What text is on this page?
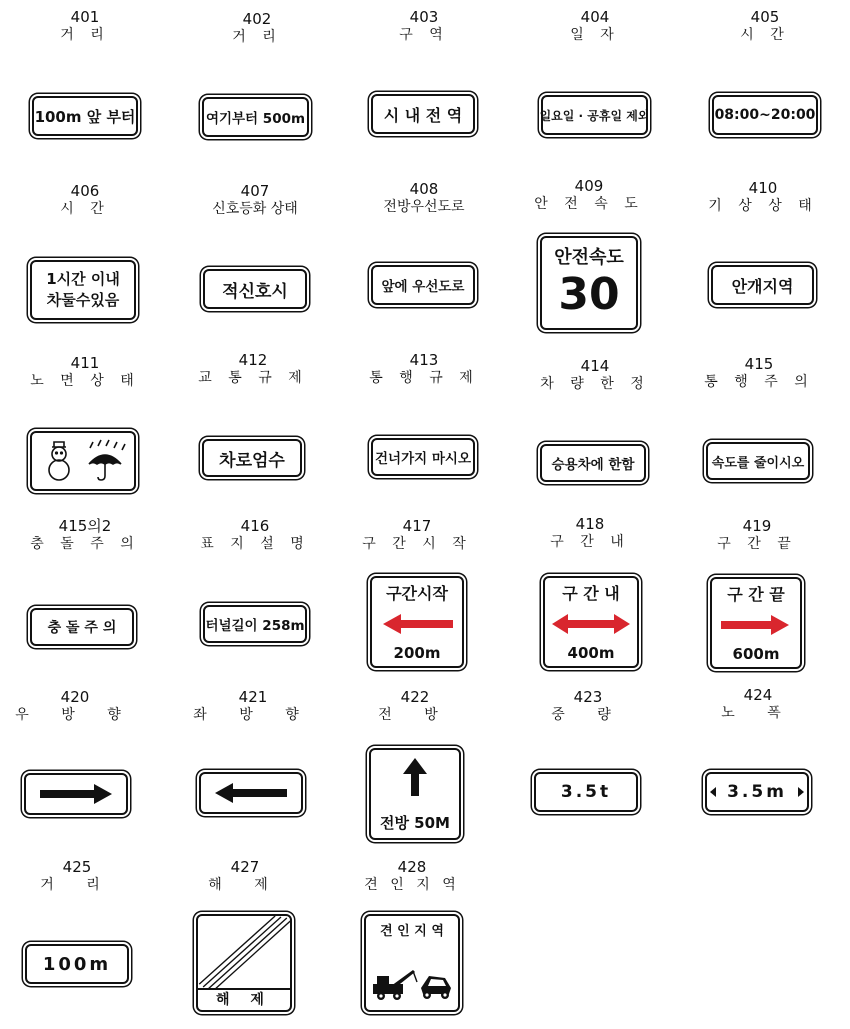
401
거 리
100m 앞 부터
402
거 리
여기부터 500m
403
구 역
시 내 전 역
404
일 자
일요일 · 공휴일 제외
405
시 간
08:00~20:00
406
시 간
1시간 이내
차둘수있음
407
신호등화 상태
적신호시
408
전방우선도로
앞에 우선도로
409
안 전 속 도
안전속도
30
410
기 상 상 태
안개지역
411
노 면 상 태
412
교 통 규 제
차로엄수
413
통 행 규 제
건너가지 마시오
414
차 량 한 정
승용차에 한함
415
통 행 주 의
속도를 줄이시오
415의2
충 돌 주 의
충 돌 주 의
416
표 지 설 명
터널길이 258m
417
구 간 시 작
구간시작
200m
418
구 간 내
구 간 내
400m
419
구 간 끝
구 간 끝
600m
420
우 방 향
421
좌 방 향
422
전 방
전방 50M
423
중 량
3.5t
424
노 폭
3.5m
425
거 리
100m
427
해 제
해 제
428
견 인 지 역
견 인 지 역
